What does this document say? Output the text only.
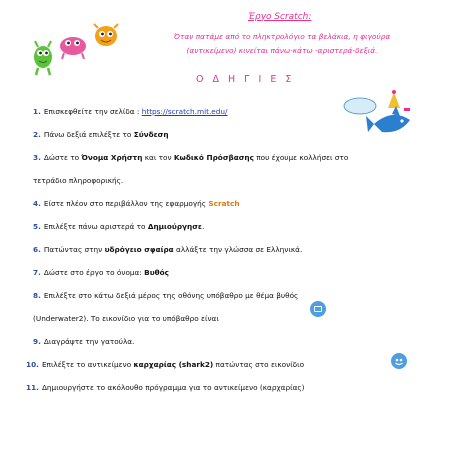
Έργο Scratch:
Όταν πατάμε από το πληκτρολόγιο τα βελάκια, η φιγούρα
(αντικείμενο) κινείται πάνω-κάτω -αριστερά-δεξιά.
Ο Δ Η Γ Ι Ε Σ
1. Επισκεφθείτε την σελίδα : https://scratch.mit.edu/
2. Πάνω δεξιά επιλέξτε το Σύνδεση
3. Δώστε το Όνομα Χρήστη και τον Κωδικό Πρόσβασης που έχουμε κολλήσει στο
τετράδιο πληροφορικής.
4. Είστε πλέον στο περιβάλλον της εφαρμογής Scratch
5. Επιλέξτε πάνω αριστερά το Δημιούργησε.
6. Πατώντας στην υδρόγειο σφαίρα αλλάξτε την γλώσσα σε Ελληνικά.
7. Δώστε στο έργο το όνομα: Βυθός
8. Επιλέξτε στο κάτω δεξιά μέρος της οθόνης υπόβαθρο με θέμα βυθός
(Underwater2). Το εικονίδιο για το υπόβαθρο είναι
9. Διαγράψτε την γατούλα.
10. Επιλέξτε το αντικείμενο καρχαρίας (shark2) πατώντας στο εικονίδιο
11. Δημιουργήστε το ακόλουθο πρόγραμμα για το αντικείμενο (καρχαρίας)
